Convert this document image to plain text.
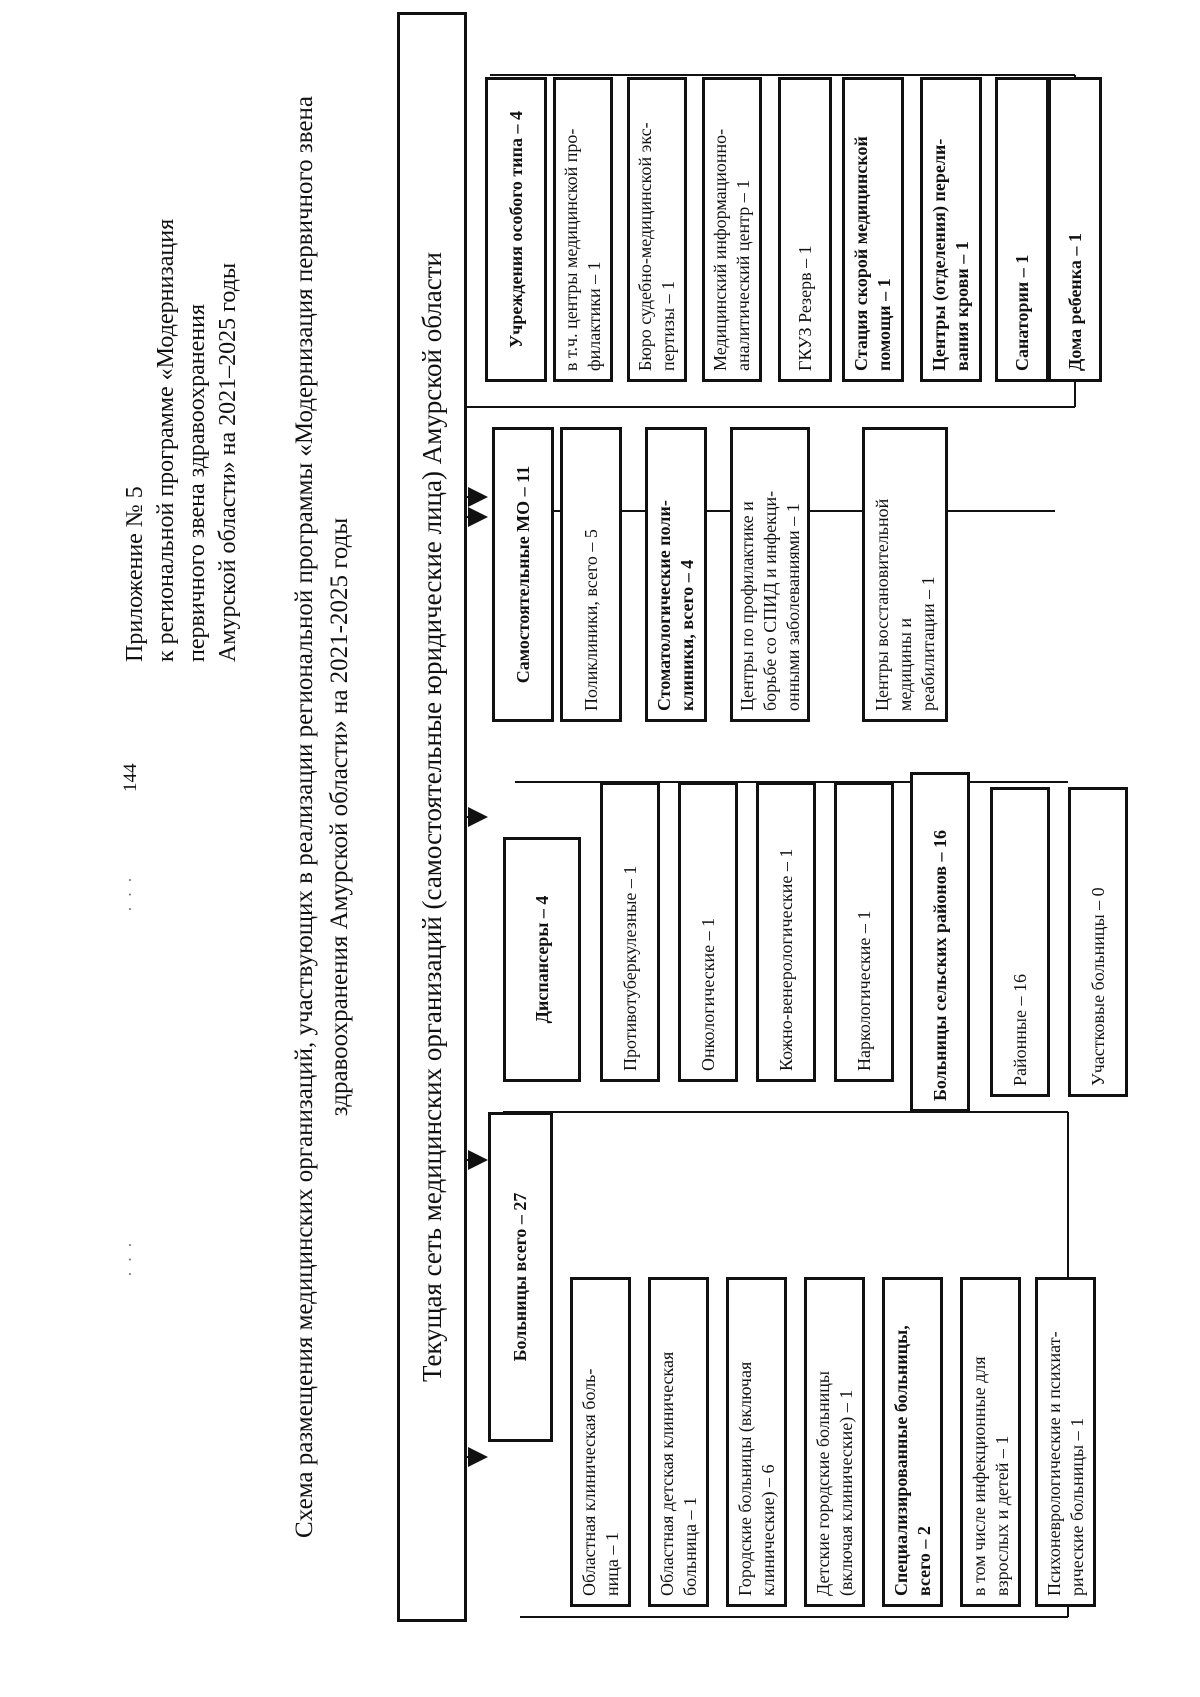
144
· · ·
· · ·
Приложение № 5 к региональной программе «Модернизация первичного звена здравоохранения Амурской области» на 2021–2025 годы Схема размещения медицинских организаций, участвующих в реализации региональной программы «Модернизация первичного звена здравоохранения Амурской области» на 2021-2025 годы	Текущая сеть медицинских организаций (самостоятельные юридические лица) Амурской области	Больницы всего – 27
Областная клиническая боль-
ница – 1	Областная детская клиническая
больница – 1
Городские больницы (включая
клинические) – 6
Детские городские больницы
(включая клинические) – 1
Специализированные больницы,
всего – 2
в том числе инфекционные для
взрослых и детей – 1	Психоневрологические и психиат-
рические больницы – 1
Диспансеры – 4	Противотуберкулезные – 1	Онкологические – 1	Кожно-венерологические – 1	Наркологические – 1	Больницы сельских районов – 16	Районные – 16	Участковые больницы – 0
Самостоятельные МО – 11	Поликлиники, всего – 5	Стоматологические поли-
клиники, всего – 4
Центры по профилактике и
борьбе со СПИД и инфекци-
онными заболеваниями – 1
Центры восстановительной
медицины и
реабилитации – 1
Учреждения особого типа – 4
в т.ч. центры медицинской про-
филактики – 1
Бюро судебно-медицинской экс-
пертизы – 1	Медицинский информационно-
аналитический центр – 1
ГКУЗ Резерв – 1	Стация скорой медицинской
помощи – 1
Центры (отделения) перели-
вания крови – 1
Санатории – 1	Дома ребенка – 1
